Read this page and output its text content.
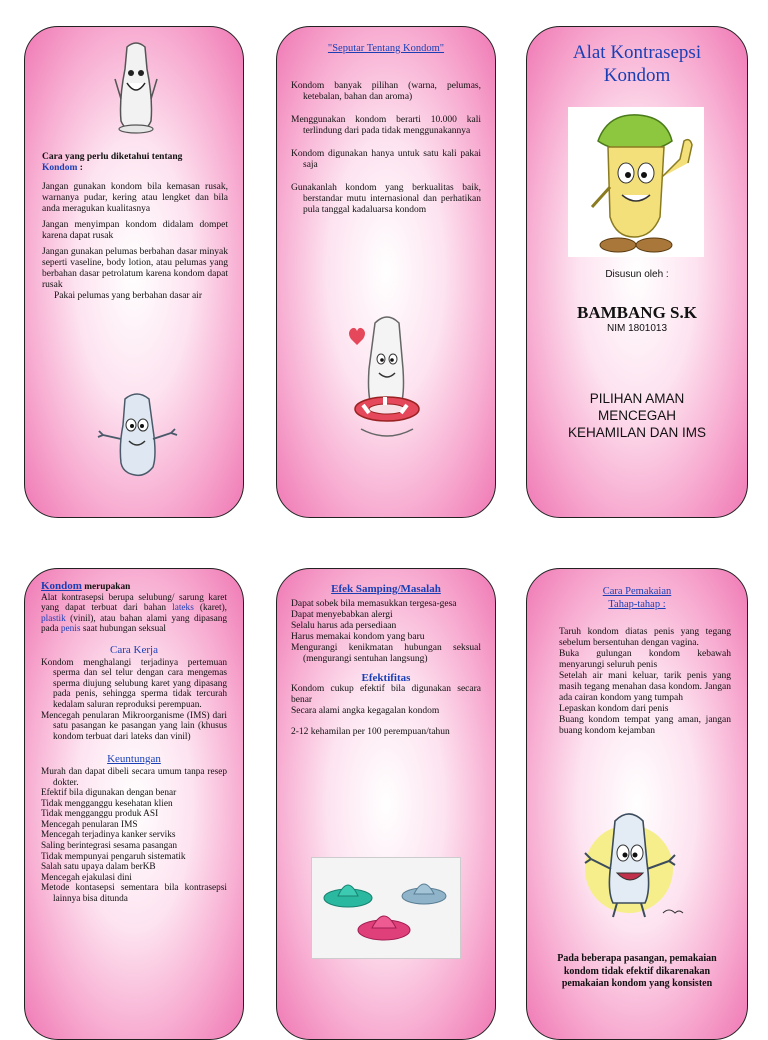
Cara yang perlu diketahui tentang
Kondom :
Jangan gunakan kondom bila kemasan rusak, warnanya pudar, kering atau lengket dan bila anda meragukan kualitasnya
Jangan menyimpan kondom didalam dompet karena dapat rusak
Jangan gunakan pelumas berbahan dasar minyak seperti vaseline, body lotion, atau pelumas yang berbahan dasar petrolatum karena kondom dapat rusak
Pakai pelumas yang berbahan dasar air
"Seputar Tentang Kondom"
Kondom banyak pilihan (warna, pelumas, ketebalan, bahan dan aroma)
Menggunakan kondom berarti 10.000 kali terlindung dari pada tidak menggunakannya
Kondom digunakan hanya untuk satu kali pakai saja
Gunakanlah kondom yang berkualitas baik, berstandar mutu internasional dan perhatikan pula tanggal kadaluarsa kondom
Alat Kontrasepsi
Kondom
Disusun oleh :
BAMBANG S.K
NIM 1801013
PILIHAN AMAN
MENCEGAH
KEHAMILAN DAN IMS
Kondom merupakan
Alat kontrasepsi berupa selubung/ sarung karet yang dapat terbuat dari bahan lateks (karet), plastik (vinil), atau bahan alami yang dipasang pada penis saat hubungan seksual
Cara Kerja
Kondom menghalangi terjadinya pertemuan sperma dan sel telur dengan cara mengemas sperma diujung selubung karet yang dipasang pada penis, sehingga sperma tidak tercurah kedalam saluran reproduksi perempuan.
Mencegah penularan Mikroorganisme (IMS) dari satu pasangan ke pasangan yang lain (khusus kondom terbuat dari lateks dan vinil)
Keuntungan
Murah dan dapat dibeli secara umum tanpa resep dokter.
Efektif bila digunakan dengan benar
Tidak mengganggu kesehatan klien
Tidak mengganggu produk ASI
Mencegah penularan IMS
Mencegah terjadinya kanker serviks
Saling berintegrasi sesama pasangan
Tidak mempunyai pengaruh sistematik
Salah satu upaya dalam berKB
Mencegah ejakulasi dini
Metode kontasepsi sementara bila kontrasepsi lainnya bisa ditunda
Efek Samping/Masalah
Dapat sobek bila memasukkan tergesa-gesa
Dapat menyebabkan alergi
Selalu harus ada persediaan
Harus memakai kondom yang baru
Mengurangi kenikmatan hubungan seksual (mengurangi sentuhan langsung)
Efektifitas
Kondom cukup efektif bila digunakan secara benar
Secara alami angka kegagalan kondom
2-12 kehamilan per 100 perempuan/tahun
Cara Pemakaian
Tahap-tahap :
Taruh kondom diatas penis yang tegang sebelum bersentuhan dengan vagina.
Buka gulungan kondom kebawah menyarungi seluruh penis
Setelah air mani keluar, tarik penis yang masih tegang menahan dasa kondom. Jangan ada cairan kondom yang tumpah
Lepaskan kondom dari penis
Buang kondom tempat yang aman, jangan buang kondom kejamban
Pada beberapa pasangan, pemakaian kondom tidak efektif dikarenakan pemakaian kondom yang konsisten
